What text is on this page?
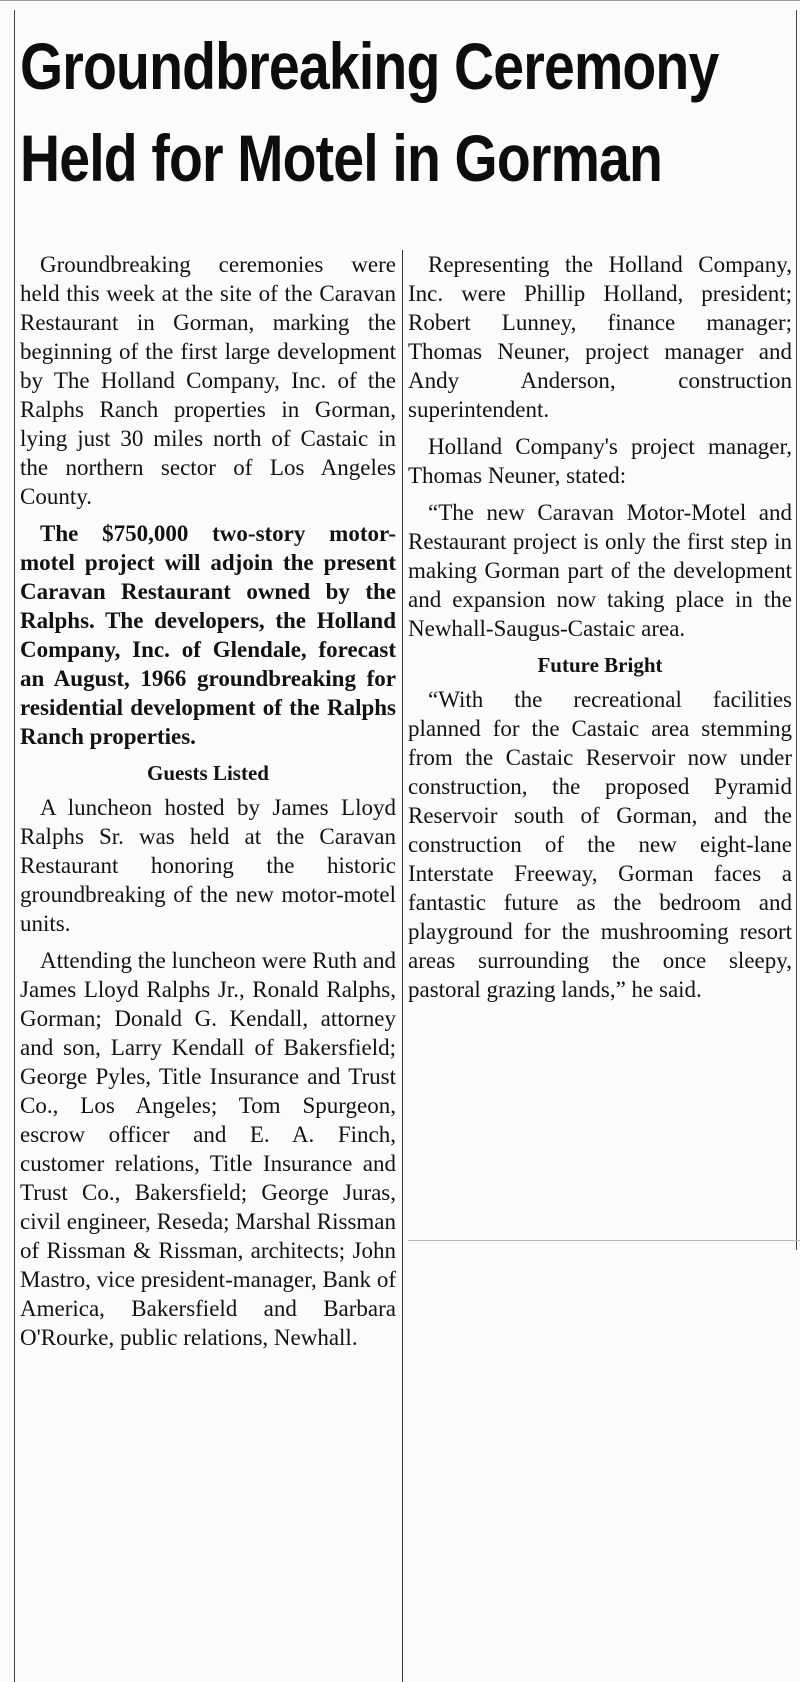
Groundbreaking Ceremony
Held for Motel in Gorman

Groundbreaking ceremonies were held this week at the site of the Caravan Restaurant in Gorman, marking the beginning of the first large development by The Holland Company, Inc. of the Ralphs Ranch properties in Gorman, lying just 30 miles north of Castaic in the northern sector of Los Angeles County.

The $750,000 two-story motor-motel project will adjoin the present Caravan Restaurant owned by the Ralphs. The developers, the Holland Company, Inc. of Glendale, forecast an August, 1966 groundbreaking for residential development of the Ralphs Ranch properties.

Guests Listed

A luncheon hosted by James Lloyd Ralphs Sr. was held at the Caravan Restaurant honoring the historic groundbreaking of the new motor-motel units.

Attending the luncheon were Ruth and James Lloyd Ralphs Jr., Ronald Ralphs, Gorman; Donald G. Kendall, attorney and son, Larry Kendall of Bakersfield; George Pyles, Title Insurance and Trust Co., Los Angeles; Tom Spurgeon, escrow officer and E. A. Finch, customer relations, Title Insurance and Trust Co., Bakersfield; George Juras, civil engineer, Reseda; Marshal Rissman of Rissman & Rissman, architects; John Mastro, vice president-manager, Bank of America, Bakersfield and Barbara O'Rourke, public relations, Newhall.

Representing the Holland Company, Inc. were Phillip Holland, president; Robert Lunney, finance manager; Thomas Neuner, project manager and Andy Anderson, construction superintendent.

Holland Company's project manager, Thomas Neuner, stated:

“The new Caravan Motor-Motel and Restaurant project is only the first step in making Gorman part of the development and expansion now taking place in the Newhall-Saugus-Castaic area.

Future Bright

“With the recreational facilities planned for the Castaic area stemming from the Castaic Reservoir now under construction, the proposed Pyramid Reservoir south of Gorman, and the construction of the new eight-lane Interstate Freeway, Gorman faces a fantastic future as the bedroom and playground for the mushrooming resort areas surrounding the once sleepy, pastoral grazing lands,” he said.
